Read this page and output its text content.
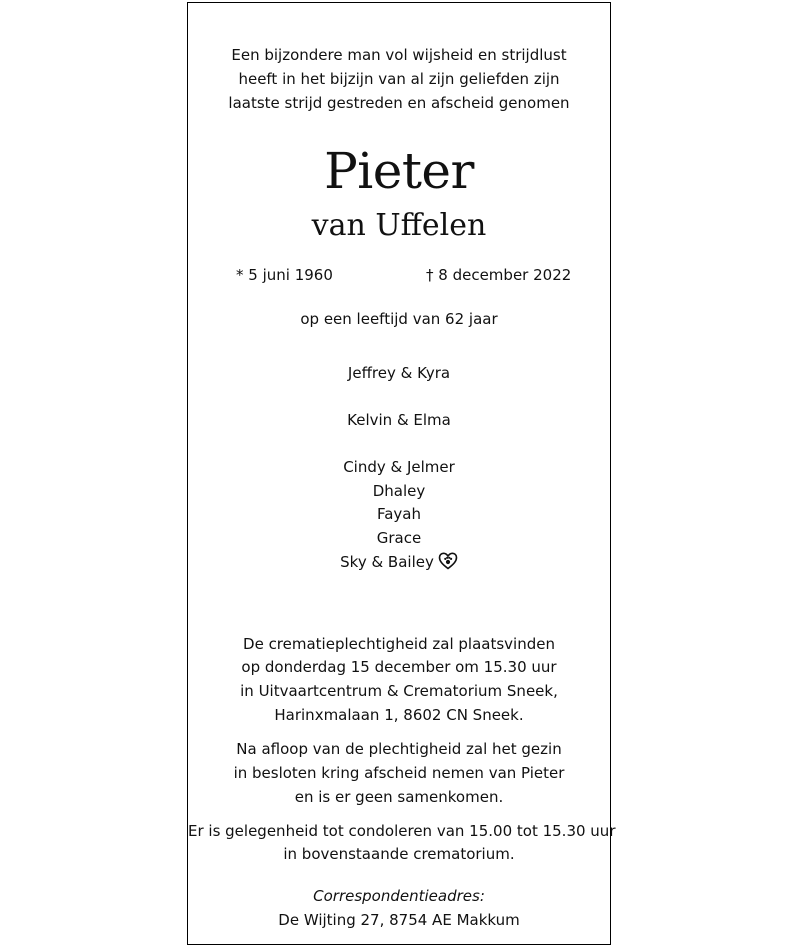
Een bijzondere man vol wijsheid en strijdlust
heeft in het bijzijn van al zijn geliefden zijn
laatste strijd gestreden en afscheid genomen
Pieter
van Uffelen
* 5 juni 1960	† 8 december 2022
op een leeftijd van 62 jaar
Jeffrey & Kyra
Kelvin & Elma
Cindy & Jelmer
Dhaley
Fayah
Grace
Sky & Bailey
De crematieplechtigheid zal plaatsvinden
op donderdag 15 december om 15.30 uur
in Uitvaartcentrum & Crematorium Sneek,
Harinxmalaan 1, 8602 CN Sneek.
Na afloop van de plechtigheid zal het gezin
in besloten kring afscheid nemen van Pieter
en is er geen samenkomen.
Er is gelegenheid tot condoleren van 15.00 tot 15.30 uur
in bovenstaande crematorium.
Correspondentieadres:
De Wijting 27, 8754 AE Makkum
